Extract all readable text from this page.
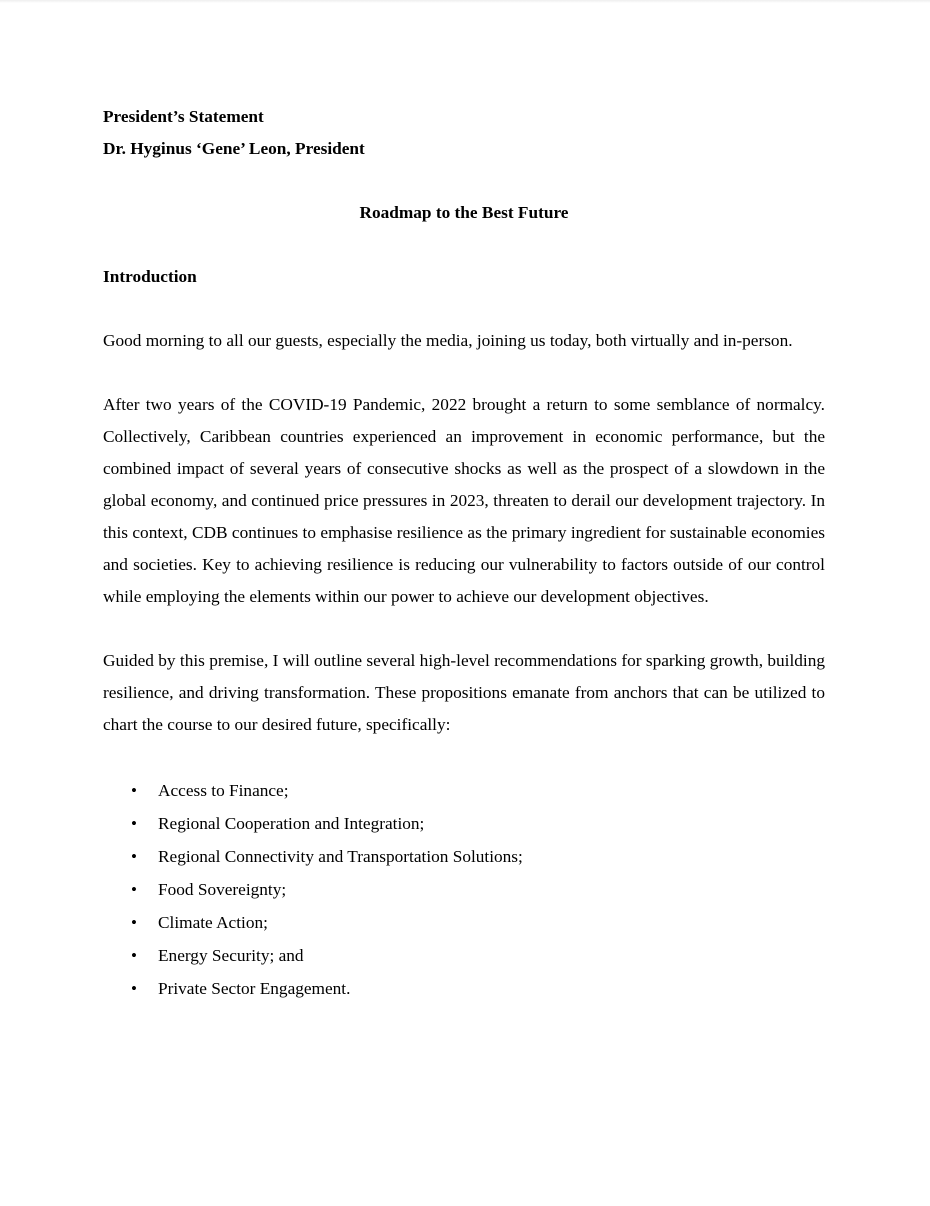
President’s Statement
Dr. Hyginus ‘Gene’ Leon, President
Roadmap to the Best Future
Introduction

Good morning to all our guests, especially the media, joining us today, both virtually and in-person.

After two years of the COVID-19 Pandemic, 2022 brought a return to some semblance of normalcy. Collectively, Caribbean countries experienced an improvement in economic performance, but the combined impact of several years of consecutive shocks as well as the prospect of a slowdown in the global economy, and continued price pressures in 2023, threaten to derail our development trajectory. In this context, CDB continues to emphasise resilience as the primary ingredient for sustainable economies and societies. Key to achieving resilience is reducing our vulnerability to factors outside of our control while employing the elements within our power to achieve our development objectives.

Guided by this premise, I will outline several high-level recommendations for sparking growth, building resilience, and driving transformation. These propositions emanate from anchors that can be utilized to chart the course to our desired future, specifically:

• Access to Finance;
• Regional Cooperation and Integration;
• Regional Connectivity and Transportation Solutions;
• Food Sovereignty;
• Climate Action;
• Energy Security; and
• Private Sector Engagement.
